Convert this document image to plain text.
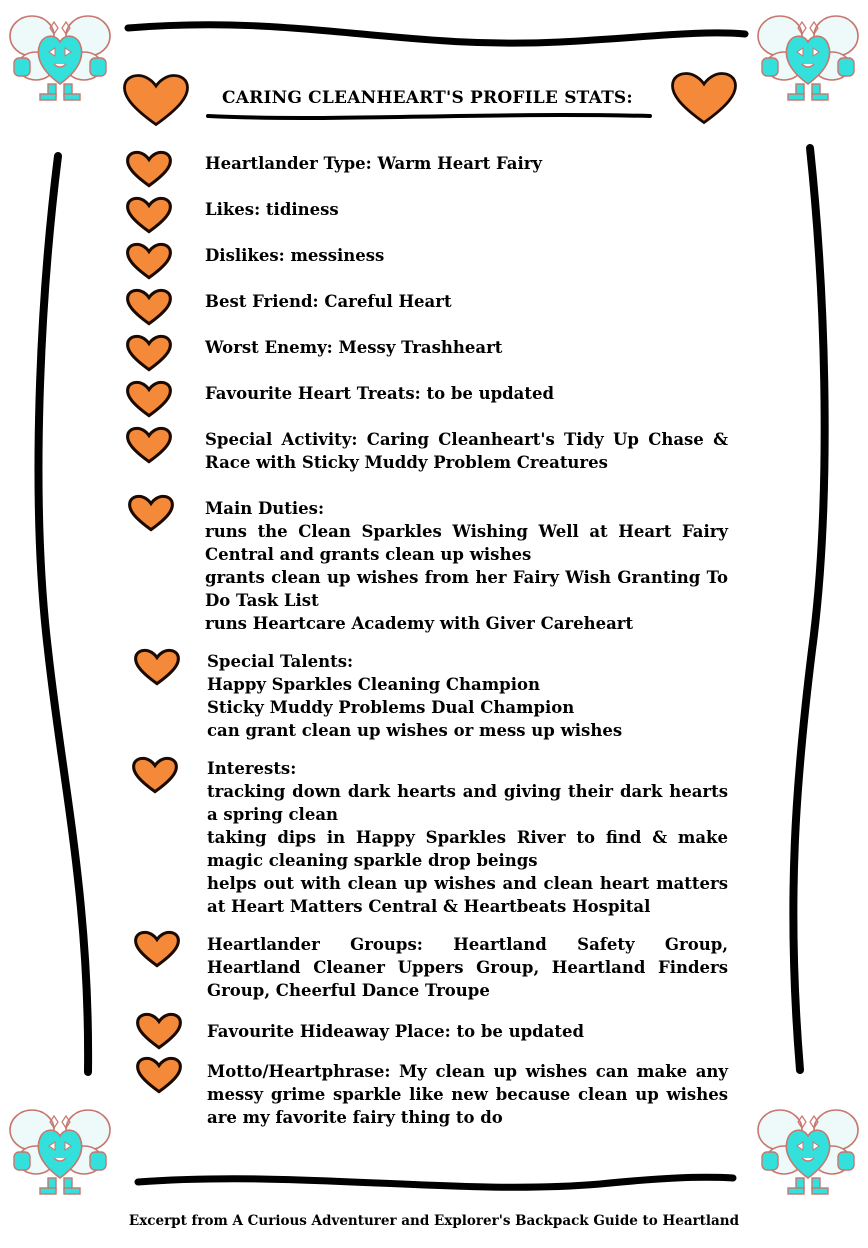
CARING CLEANHEART'S PROFILE STATS:
Heartlander Type: Warm Heart Fairy
Likes: tidiness
Dislikes: messiness
Best Friend: Careful Heart
Worst Enemy: Messy Trashheart
Favourite Heart Treats: to be updated
Special Activity: Caring Cleanheart's Tidy Up Chase & Race with Sticky Muddy Problem Creatures
Main Duties:
runs the Clean Sparkles Wishing Well at Heart Fairy Central and grants clean up wishes
grants clean up wishes from her Fairy Wish Granting To Do Task List
runs Heartcare Academy with Giver Careheart
Special Talents:
Happy Sparkles Cleaning Champion
Sticky Muddy Problems Dual Champion
can grant clean up wishes or mess up wishes
Interests:
tracking down dark hearts and giving their dark hearts a spring clean
taking dips in Happy Sparkles River to find & make magic cleaning sparkle drop beings
helps out with clean up wishes and clean heart matters at Heart Matters Central & Heartbeats Hospital
Heartlander Groups: Heartland Safety Group, Heartland Cleaner Uppers Group, Heartland Finders Group, Cheerful Dance Troupe
Favourite Hideaway Place: to be updated
Motto/Heartphrase: My clean up wishes can make any messy grime sparkle like new because clean up wishes are my favorite fairy thing to do
Excerpt from A Curious Adventurer and Explorer's Backpack Guide to Heartland
